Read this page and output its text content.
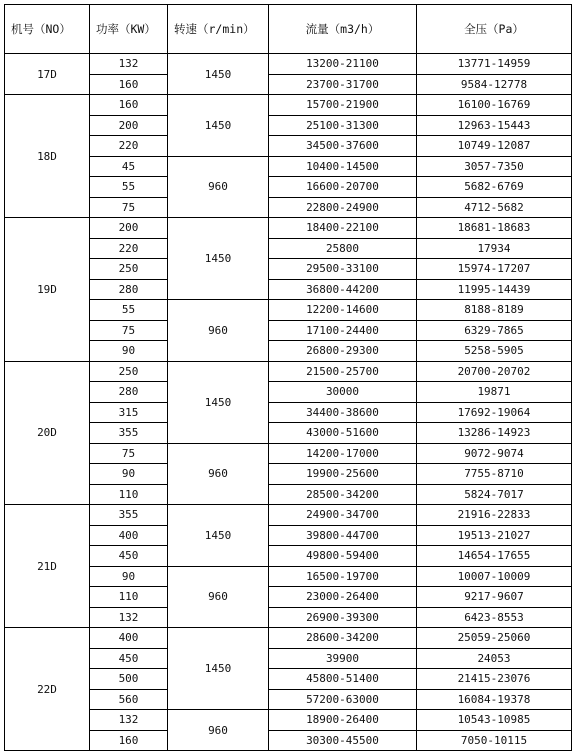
机号（NO）	功率（KW）	转速（r/min）	流量（m3/h）	全压（Pa）
17D	132	1450	13200-21100	13771-14959
	160		23700-31700	9584-12778
18D	160	1450	15700-21900	16100-16769
	200		25100-31300	12963-15443
	220		34500-37600	10749-12087
	45	960	10400-14500	3057-7350
	55		16600-20700	5682-6769
	75		22800-24900	4712-5682
19D	200	1450	18400-22100	18681-18683
	220		25800	17934
	250		29500-33100	15974-17207
	280		36800-44200	11995-14439
	55	960	12200-14600	8188-8189
	75		17100-24400	6329-7865
	90		26800-29300	5258-5905
20D	250	1450	21500-25700	20700-20702
	280		30000	19871
	315		34400-38600	17692-19064
	355		43000-51600	13286-14923
	75	960	14200-17000	9072-9074
	90		19900-25600	7755-8710
	110		28500-34200	5824-7017
21D	355	1450	24900-34700	21916-22833
	400		39800-44700	19513-21027
	450		49800-59400	14654-17655
	90	960	16500-19700	10007-10009
	110		23000-26400	9217-9607
	132		26900-39300	6423-8553
22D	400	1450	28600-34200	25059-25060
	450		39900	24053
	500		45800-51400	21415-23076
	560		57200-63000	16084-19378
	132	960	18900-26400	10543-10985
	160		30300-45500	7050-10115
